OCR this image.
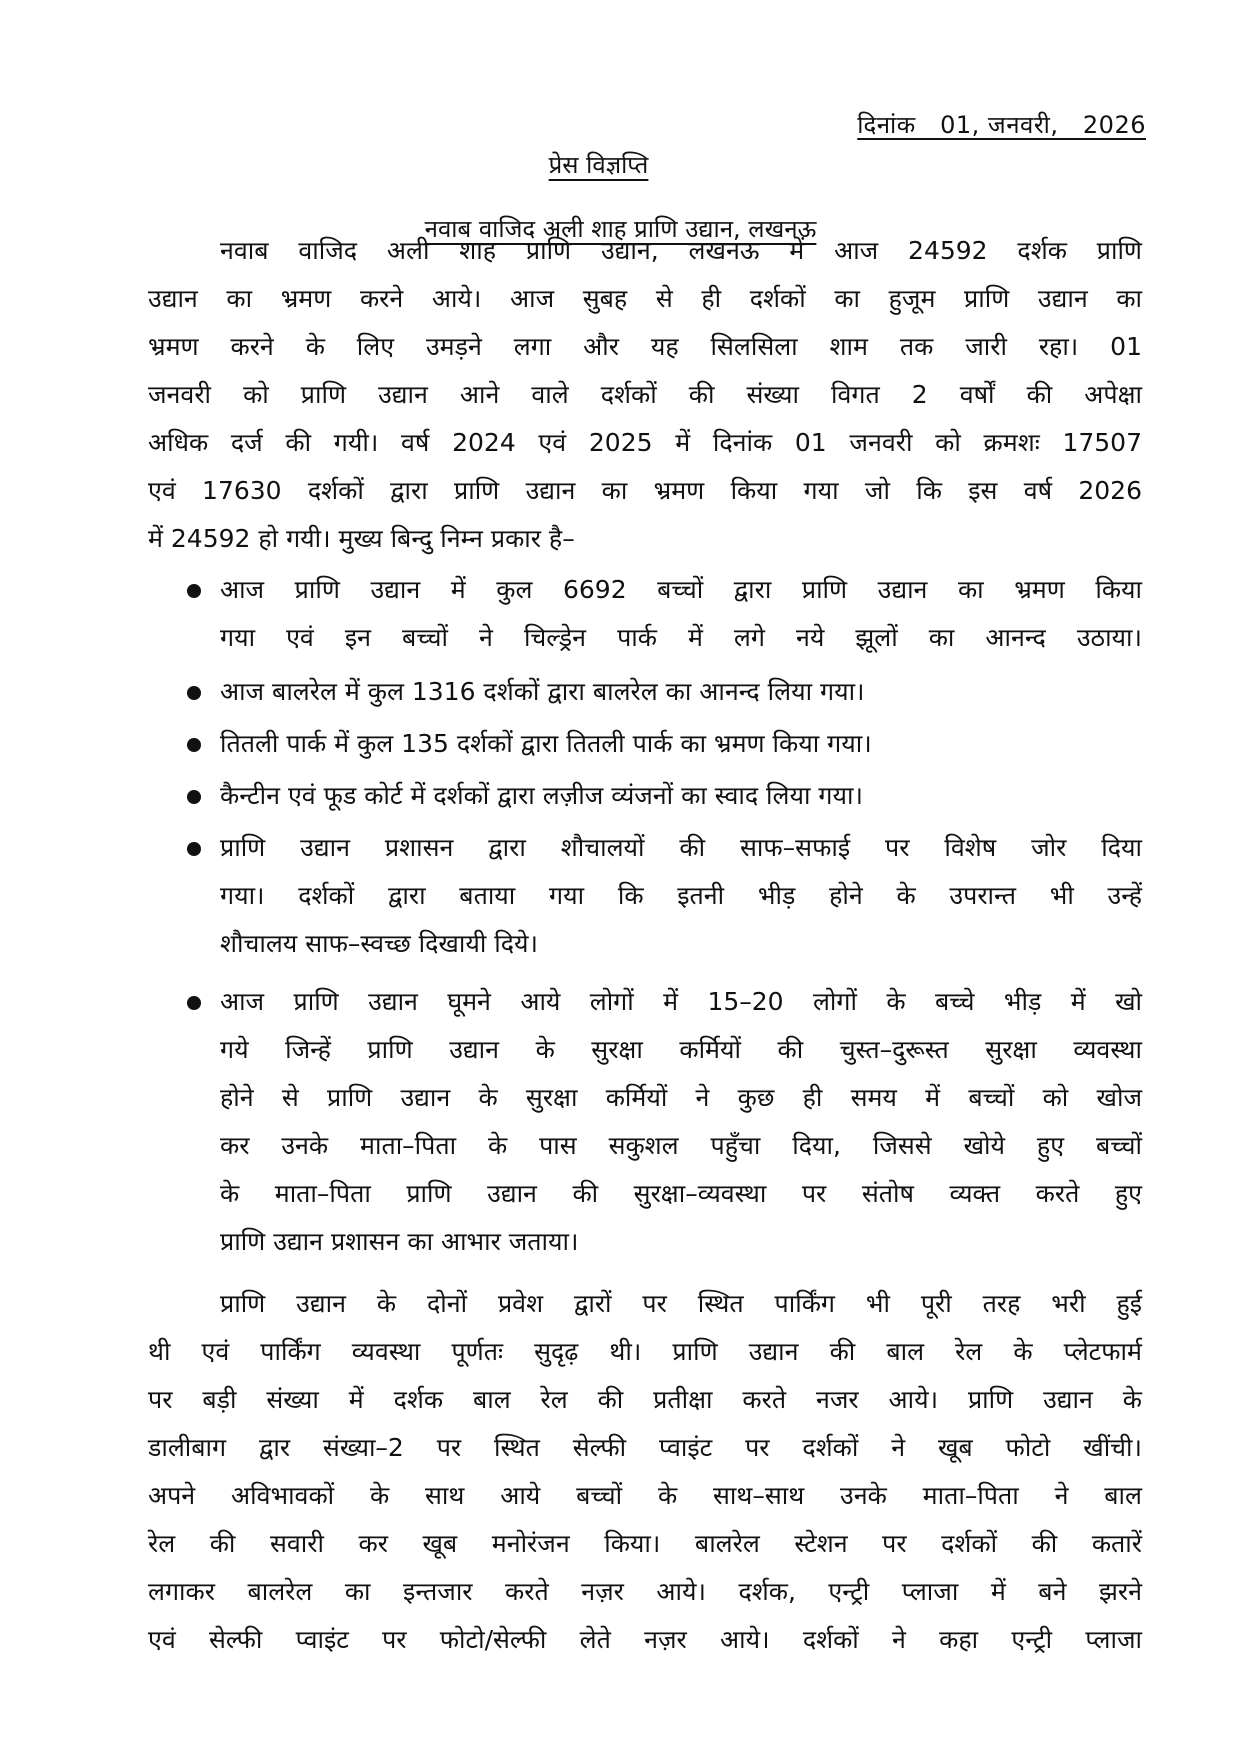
दिनांक   01, जनवरी,   2026
प्रेस विज्ञप्ति
नवाब वाजिद अली शाह प्राणि उद्यान, लखनऊ
नवाब वाजिद अली शाह प्राणि उद्यान, लखनऊ में आज 24592 दर्शक प्राणि
उद्यान का भ्रमण करने आये। आज सुबह से ही दर्शकों का हुजूम प्राणि उद्यान का
भ्रमण करने के लिए उमड़ने लगा और यह सिलसिला शाम तक जारी रहा। 01
जनवरी को प्राणि उद्यान आने वाले दर्शकों की संख्या विगत 2 वर्षों की अपेक्षा
अधिक दर्ज की गयी। वर्ष 2024 एवं 2025 में दिनांक 01 जनवरी को क्रमशः 17507
एवं 17630 दर्शकों द्वारा प्राणि उद्यान का भ्रमण किया गया जो कि इस वर्ष 2026
में 24592 हो गयी। मुख्य बिन्दु निम्न प्रकार है–
आज प्राणि उद्यान में कुल 6692 बच्चों द्वारा प्राणि उद्यान का भ्रमण किया
गया एवं इन बच्चों ने चिल्ड्रेन पार्क में लगे नये झूलों का आनन्द उठाया।
आज बालरेल में कुल 1316 दर्शकों द्वारा बालरेल का आनन्द लिया गया।
तितली पार्क में कुल 135 दर्शकों द्वारा तितली पार्क का भ्रमण किया गया।
कैन्टीन एवं फूड कोर्ट में दर्शकों द्वारा लज़ीज व्यंजनों का स्वाद लिया गया।
प्राणि उद्यान प्रशासन द्वारा शौचालयों की साफ–सफाई पर विशेष जोर दिया
गया। दर्शकों द्वारा बताया गया कि इतनी भीड़ होने के उपरान्त भी उन्हें
शौचालय साफ–स्वच्छ दिखायी दिये।
आज प्राणि उद्यान घूमने आये लोगों में 15–20 लोगों के बच्चे भीड़ में खो
गये जिन्हें प्राणि उद्यान के सुरक्षा कर्मियों की चुस्त–दुरूस्त सुरक्षा व्यवस्था
होने से प्राणि उद्यान के सुरक्षा कर्मियों ने कुछ ही समय में बच्चों को खोज
कर उनके माता–पिता के पास सकुशल पहुँचा दिया, जिससे खोये हुए बच्चों
के माता–पिता प्राणि उद्यान की सुरक्षा–व्यवस्था पर संतोष व्यक्त करते हुए
प्राणि उद्यान प्रशासन का आभार जताया।
प्राणि उद्यान के दोनों प्रवेश द्वारों पर स्थित पार्किंग भी पूरी तरह भरी हुई
थी एवं पार्किंग व्यवस्था पूर्णतः सुदृढ़ थी। प्राणि उद्यान की बाल रेल के प्लेटफार्म
पर बड़ी संख्या में दर्शक बाल रेल की प्रतीक्षा करते नजर आये। प्राणि उद्यान के
डालीबाग द्वार संख्या–2 पर स्थित सेल्फी प्वाइंट पर दर्शकों ने खूब फोटो खींची।
अपने अविभावकों के साथ आये बच्चों के साथ–साथ उनके माता–पिता ने बाल
रेल की सवारी कर खूब मनोरंजन किया। बालरेल स्टेशन पर दर्शकों की कतारें
लगाकर बालरेल का इन्तजार करते नज़र आये। दर्शक, एन्ट्री प्लाजा में बने झरने
एवं सेल्फी प्वाइंट पर फोटो/सेल्फी लेते नज़र आये। दर्शकों ने कहा एन्ट्री प्लाजा
